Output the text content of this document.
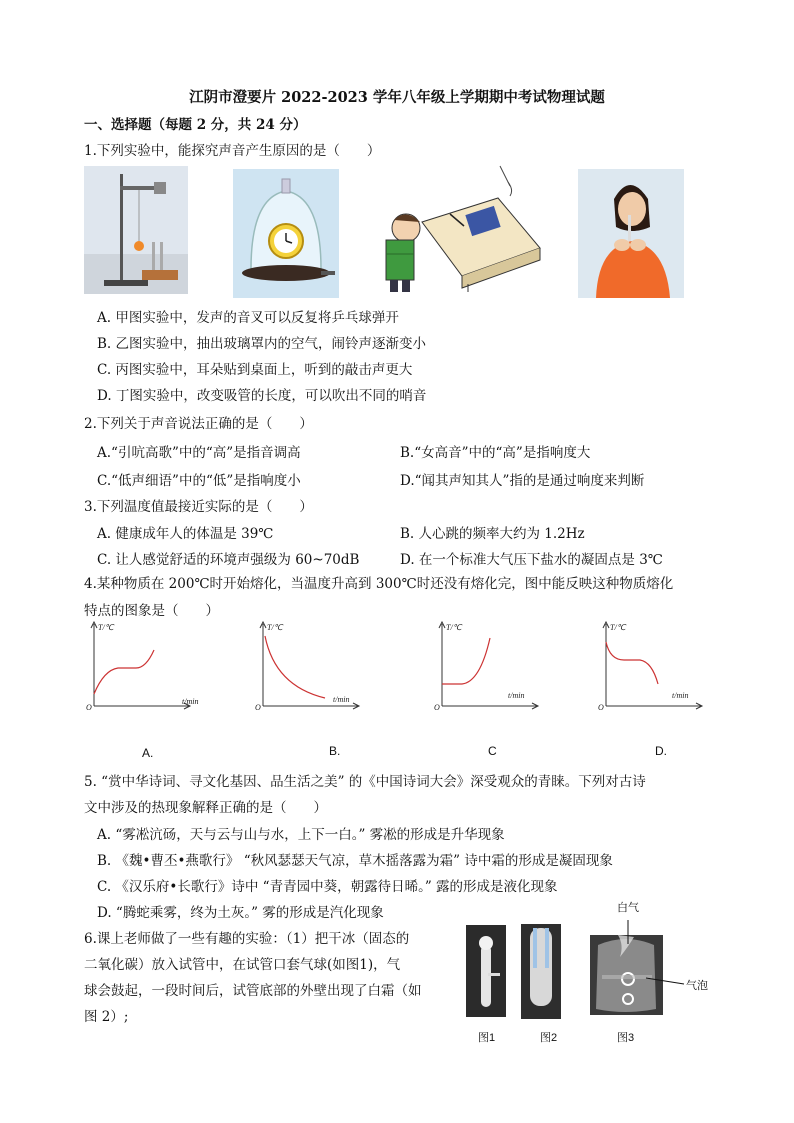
江阴市澄要片 2022-2023 学年八年级上学期期中考试物理试题
一、选择题（每题 2 分，共 24 分）
1.下列实验中，能探究声音产生原因的是（　　）
A. 甲图实验中，发声的音叉可以反复将乒乓球弹开
B. 乙图实验中，抽出玻璃罩内的空气，闹铃声逐渐变小
C. 丙图实验中，耳朵贴到桌面上，听到的敲击声更大
D. 丁图实验中，改变吸管的长度，可以吹出不同的哨音
2.下列关于声音说法正确的是（　　）
A.“引吭高歌”中的“高”是指音调高	B.“女高音”中的“高”是指响度大
C.“低声细语”中的“低”是指响度小	D.“闻其声知其人”指的是通过响度来判断
3.下列温度值最接近实际的是（　　）
A. 健康成年人的体温是 39℃	B. 人心跳的频率大约为 1.2Hz
C. 让人感觉舒适的环境声强级为 60~70dB	D. 在一个标准大气压下盐水的凝固点是 3℃
4.某种物质在 200℃时开始熔化，当温度升高到 300℃时还没有熔化完，图中能反映这种物质熔化
特点的图象是（　　）
T/℃
O
T/℃
t/min
O
T/℃
t/min
O
T/℃
t/min
O
t/min
A.	B.	C	D.
5. “赏中华诗词、寻文化基因、品生活之美” 的《中国诗词大会》深受观众的青睐。下列对古诗
文中涉及的热现象解释正确的是（　　）
A. “雾凇沆砀，天与云与山与水，上下一白。” 雾凇的形成是升华现象
B. 《魏•曹丕•燕歌行》 “秋风瑟瑟天气凉，草木摇落露为霜” 诗中霜的形成是凝固现象
C. 《汉乐府•长歌行》诗中 “青青园中葵，朝露待日晞。” 露的形成是液化现象
D. “腾蛇乘雾，终为土灰。” 雾的形成是汽化现象
6.课上老师做了一些有趣的实验：（1）把干冰（固态的
二氧化碳）放入试管中，在试管口套气球(如图1)，气
球会鼓起，一段时间后，试管底部的外壁出现了白霜（如
图 2）;
白气
气泡
图1	图2	图3
